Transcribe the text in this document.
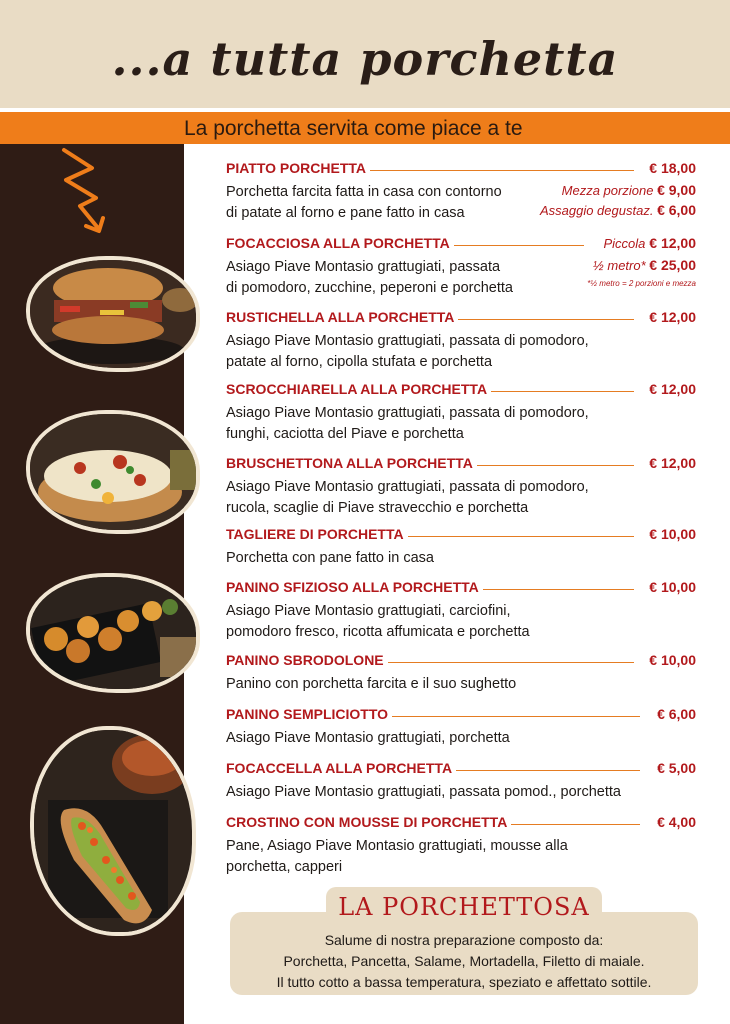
...a tutta porchetta
La porchetta servita come piace a te
PIATTO PORCHETTA	€ 18,00
Porchetta farcita fatta in casa con contorno
di patate al forno e pane fatto in casa
Mezza porzione € 9,00
Assaggio degustaz. € 6,00
FOCACCIOSA ALLA PORCHETTA	Piccola € 12,00
Asiago Piave Montasio grattugiati, passata
di pomodoro, zucchine, peperoni e porchetta
½ metro* € 25,00
*½ metro = 2 porzioni e mezza
RUSTICHELLA ALLA PORCHETTA	€ 12,00
Asiago Piave Montasio grattugiati, passata di pomodoro,
patate al forno, cipolla stufata e porchetta
SCROCCHIARELLA ALLA PORCHETTA	€ 12,00
Asiago Piave Montasio grattugiati, passata di pomodoro,
funghi, caciotta del Piave e porchetta
BRUSCHETTONA ALLA PORCHETTA	€ 12,00
Asiago Piave Montasio grattugiati, passata di pomodoro,
rucola, scaglie di Piave stravecchio e porchetta
TAGLIERE DI PORCHETTA	€ 10,00
Porchetta con pane fatto in casa
PANINO SFIZIOSO ALLA PORCHETTA	€ 10,00
Asiago Piave Montasio grattugiati, carciofini,
pomodoro fresco, ricotta affumicata e porchetta
PANINO SBRODOLONE	€ 10,00
Panino con porchetta farcita e il suo sughetto
PANINO SEMPLICIOTTO	€ 6,00
Asiago Piave Montasio grattugiati, porchetta
FOCACCELLA ALLA PORCHETTA	€ 5,00
Asiago Piave Montasio grattugiati, passata pomod., porchetta
CROSTINO CON MOUSSE DI PORCHETTA	€ 4,00
Pane, Asiago Piave Montasio grattugiati, mousse alla
porchetta, capperi
LA PORCHETTOSA
Salume di nostra preparazione composto da:
Porchetta, Pancetta, Salame, Mortadella, Filetto di maiale.
Il tutto cotto a bassa temperatura, speziato e affettato sottile.
